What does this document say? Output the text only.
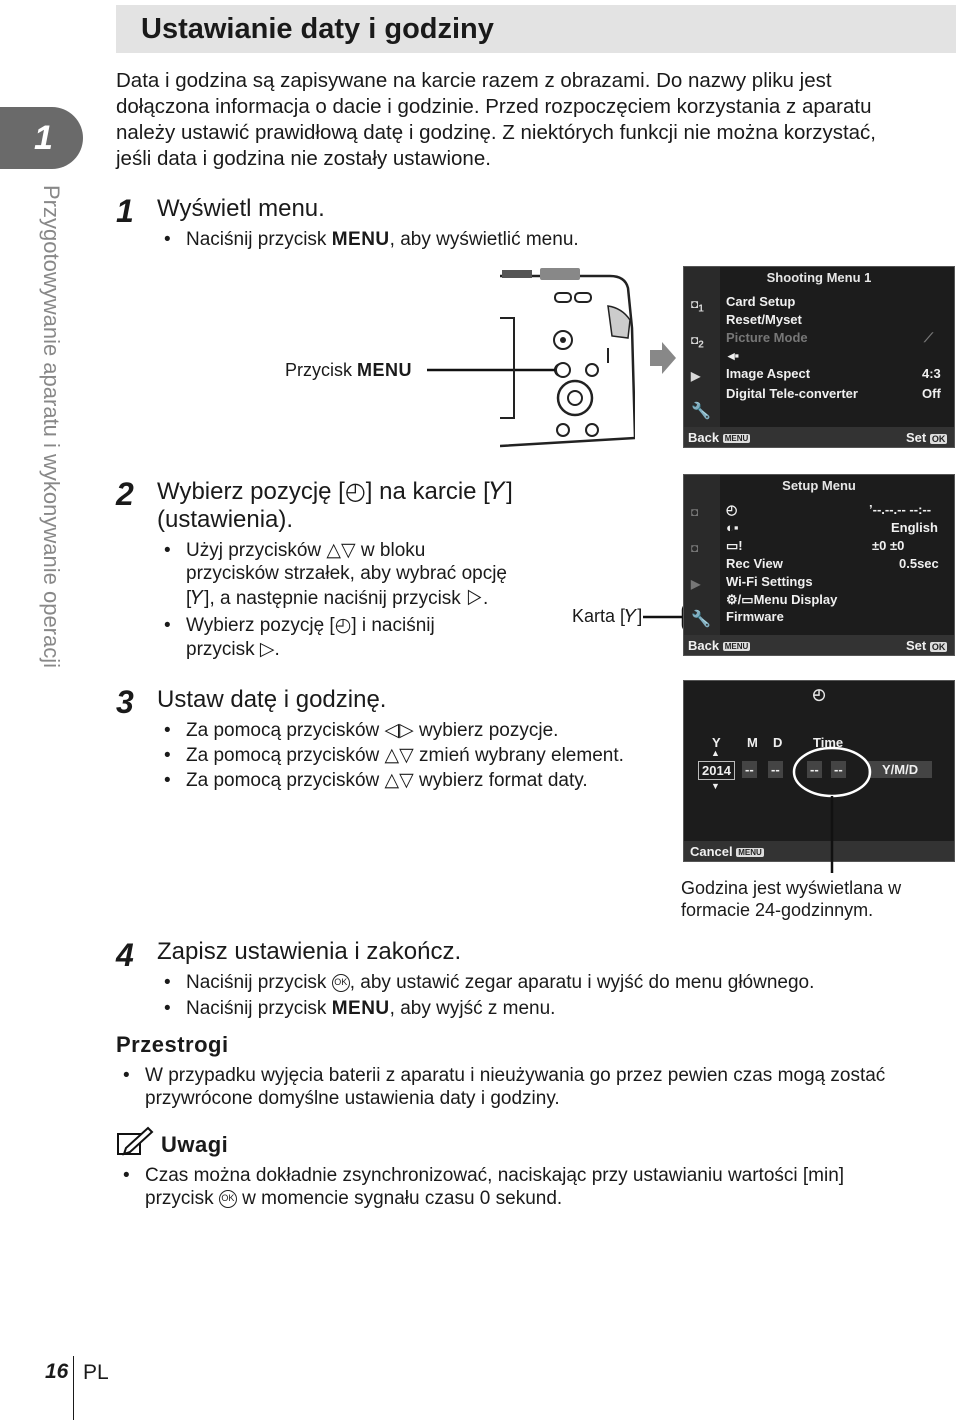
Ustawianie daty i godziny
1
Przygotowywanie aparatu i wykonywanie operacji
Data i godzina są zapisywane na karcie razem z obrazami. Do nazwy pliku jest
dołączona informacja o dacie i godzinie. Przed rozpoczęciem korzystania z aparatu
należy ustawić prawidłową datę i godzinę. Z niektórych funkcji nie można korzystać,
jeśli data i godzina nie zostały ustawione.
1 Wyświetl menu.
• Naciśnij przycisk MENU, aby wyświetlić menu.
Przycisk MENU
Shooting Menu 1
$◘_1$
$◘_2$
▶
🔧
Card Setup
Reset/Myset
Picture Mode	⟋
◂▪
Image Aspect	4:3
Digital Tele-converter	Off
Back MENU	Set OK
2 Wybierz pozycję [◴] na karcie [𝛶]
(ustawienia).
• Użyj przycisków △▽ w bloku
przycisków strzałek, aby wybrać opcję
[𝛶], a następnie naciśnij przycisk ▷.
• Wybierz pozycję [◴] i naciśnij
przycisk ▷.
Karta [𝛶]
Setup Menu
◘
◘
▶
🔧
◴	’--.--.-- --:--
◐▪	English
▭!	±0 ±0
Rec View	0.5sec
Wi-Fi Settings
⚙/▭Menu Display
Firmware
Back MENU	Set OK
3 Ustaw datę i godzinę.
• Za pomocą przycisków ◁▷ wybierz pozycje.
• Za pomocą przycisków △▽ zmień wybrany element.
• Za pomocą przycisków △▽ wybierz format daty.
◴
Y M D Time
▲
2014	-- -- -- --	Y/M/D
▼
Cancel MENU
Godzina jest wyświetlana w
formacie 24-godzinnym.
4 Zapisz ustawienia i zakończ.
• Naciśnij przycisk OK , aby ustawić zegar aparatu i wyjść do menu głównego.
• Naciśnij przycisk MENU, aby wyjść z menu.
Przestrogi
• W przypadku wyjęcia baterii z aparatu i nieużywania go przez pewien czas mogą zostać
przywrócone domyślne ustawienia daty i godziny.
Uwagi
• Czas można dokładnie zsynchronizować, naciskając przy ustawianiu wartości [min]
przycisk OK w momencie sygnału czasu 0 sekund.
16 PL
